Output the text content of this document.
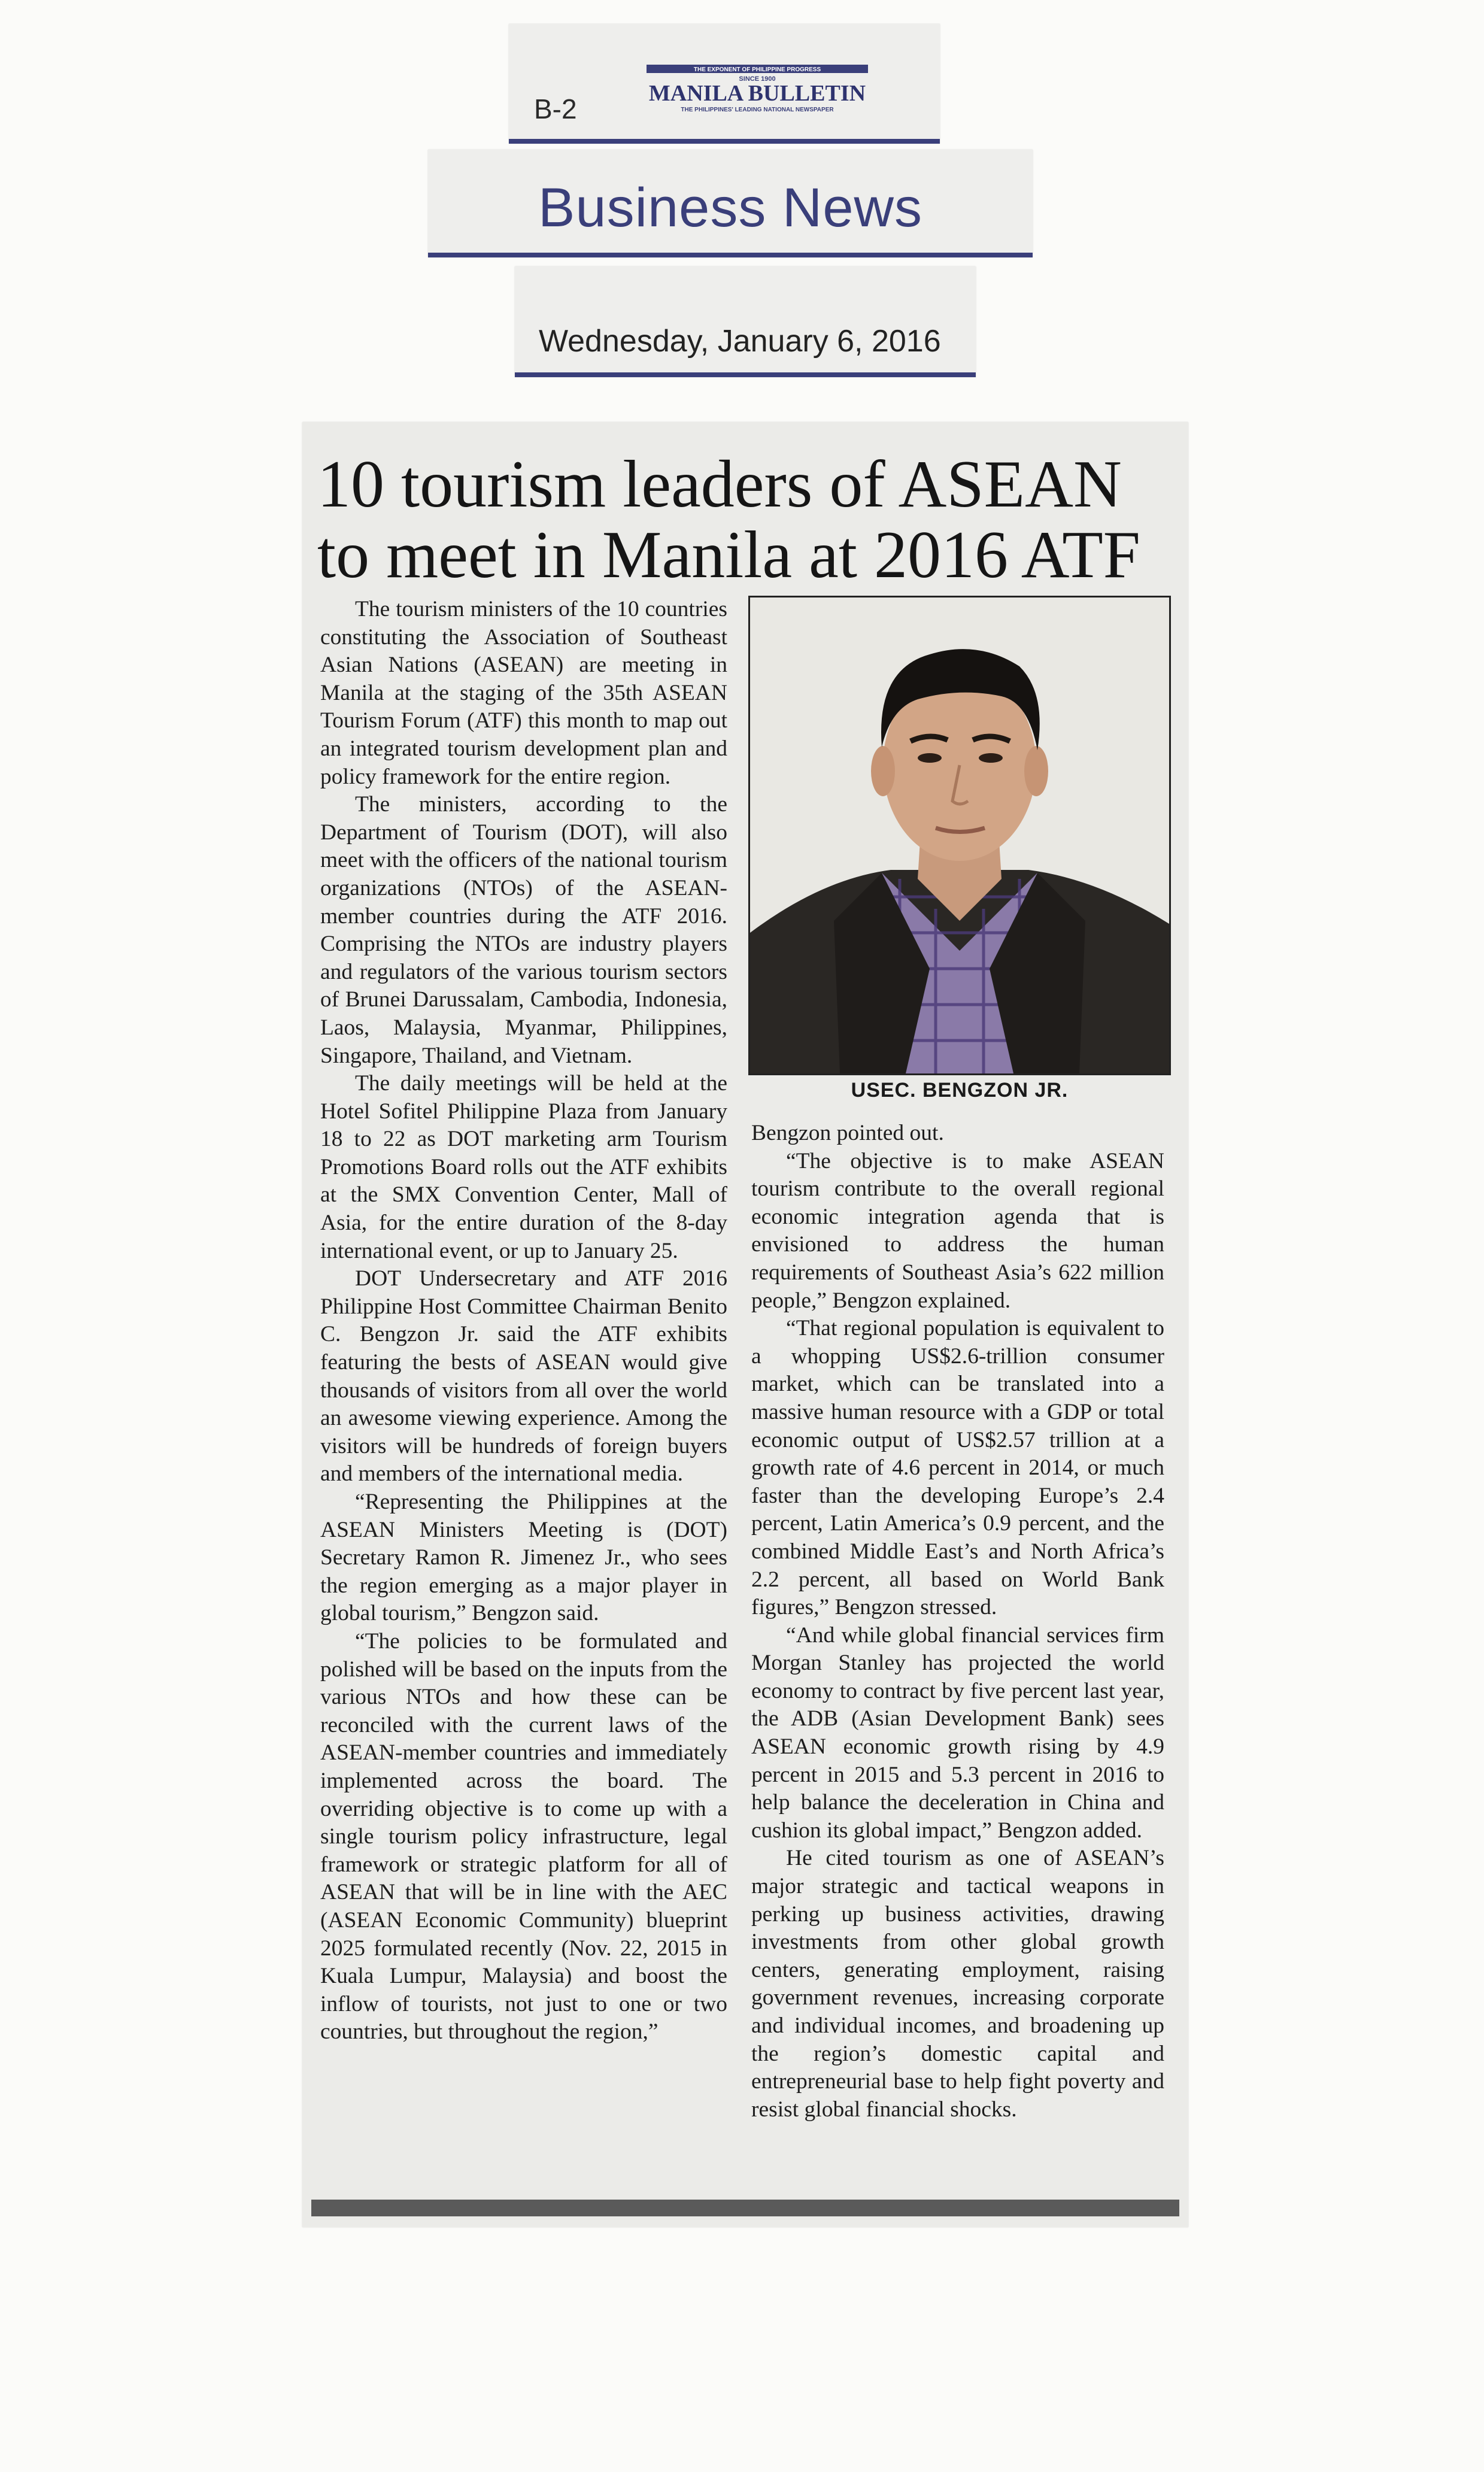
B-2
THE EXPONENT OF PHILIPPINE PROGRESS
SINCE 1900
MANILA BULLETIN
THE PHILIPPINES' LEADING NATIONAL NEWSPAPER
Business News
Wednesday, January 6, 2016
10 tourism leaders of ASEAN to meet in Manila at 2016 ATF

The tourism ministers of the 10 countries constituting the Association of Southeast Asian Nations (ASEAN) are meeting in Manila at the staging of the 35th ASEAN Tourism Forum (ATF) this month to map out an integrated tourism development plan and policy framework for the entire region.

The ministers, according to the Department of Tourism (DOT), will also meet with the officers of the national tourism organizations (NTOs) of the ASEAN-member countries during the ATF 2016. Comprising the NTOs are industry players and regulators of the various tourism sectors of Brunei Darussalam, Cambodia, Indonesia, Laos, Malaysia, Myanmar, Philippines, Singapore, Thailand, and Vietnam.

The daily meetings will be held at the Hotel Sofitel Philippine Plaza from January 18 to 22 as DOT marketing arm Tourism Promotions Board rolls out the ATF exhibits at the SMX Convention Center, Mall of Asia, for the entire duration of the 8-day international event, or up to January 25.

DOT Undersecretary and ATF 2016 Philippine Host Committee Chairman Benito C. Bengzon Jr. said the ATF exhibits featuring the bests of ASEAN would give thousands of visitors from all over the world an awesome viewing experience. Among the visitors will be hundreds of foreign buyers and members of the international media.

“Representing the Philippines at the ASEAN Ministers Meeting is (DOT) Secretary Ramon R. Jimenez Jr., who sees the region emerging as a major player in global tourism,” Bengzon said.

“The policies to be formulated and polished will be based on the inputs from the various NTOs and how these can be reconciled with the current laws of the ASEAN-member countries and immediately implemented across the board. The overriding objective is to come up with a single tourism policy infrastructure, legal framework or strategic platform for all of ASEAN that will be in line with the AEC (ASEAN Economic Community) blueprint 2025 formulated recently (Nov. 22, 2015 in Kuala Lumpur, Malaysia) and boost the inflow of tourists, not just to one or two countries, but throughout the region,”

USEC. BENGZON JR.

Bengzon pointed out.

“The objective is to make ASEAN tourism contribute to the overall regional economic integration agenda that is envisioned to address the human requirements of Southeast Asia’s 622 million people,” Bengzon explained.

“That regional population is equivalent to a whopping US$2.6-trillion consumer market, which can be translated into a massive human resource with a GDP or total economic output of US$2.57 trillion at a growth rate of 4.6 percent in 2014, or much faster than the developing Europe’s 2.4 percent, Latin America’s 0.9 percent, and the combined Middle East’s and North Africa’s 2.2 percent, all based on World Bank figures,” Bengzon stressed.

“And while global financial services firm Morgan Stanley has projected the world economy to contract by five percent last year, the ADB (Asian Development Bank) sees ASEAN economic growth rising by 4.9 percent in 2015 and 5.3 percent in 2016 to help balance the deceleration in China and cushion its global impact,” Bengzon added.

He cited tourism as one of ASEAN’s major strategic and tactical weapons in perking up business activities, drawing investments from other global growth centers, generating employment, raising government revenues, increasing corporate and individual incomes, and broadening up the region’s domestic capital and entrepreneurial base to help fight poverty and resist global financial shocks.
